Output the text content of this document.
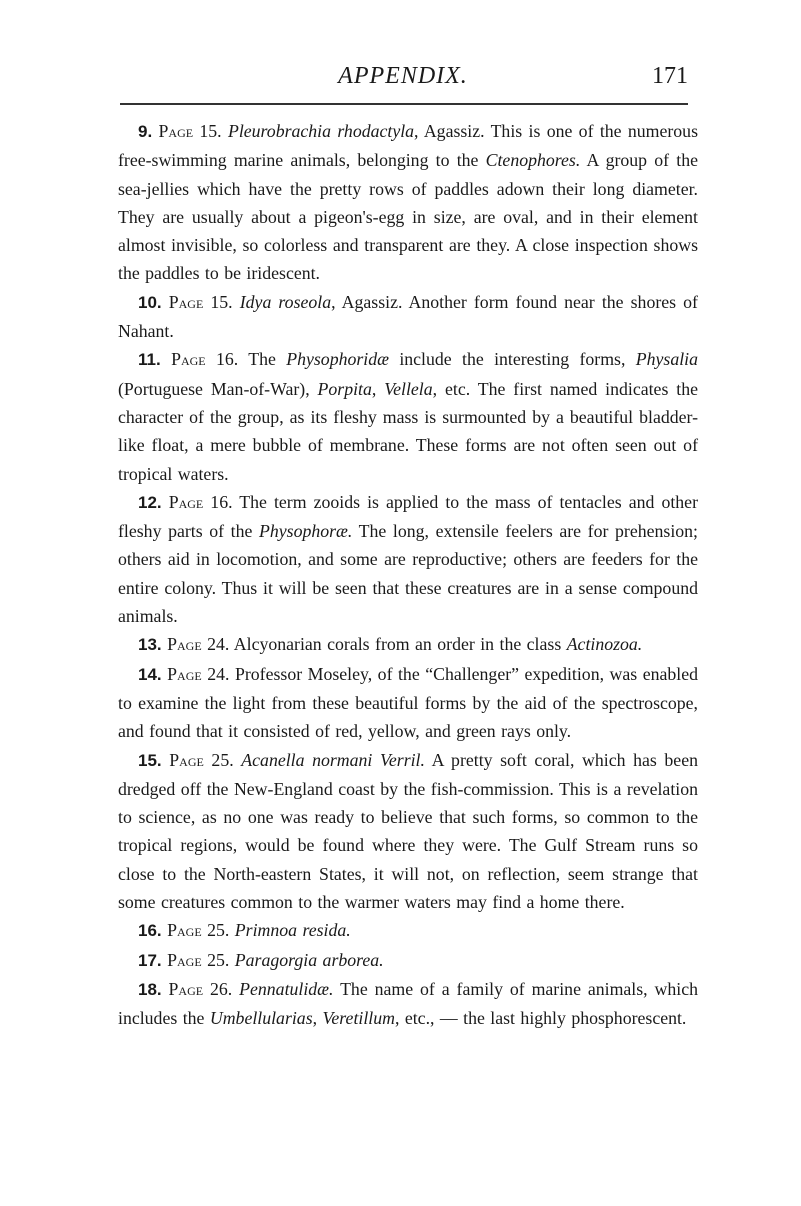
APPENDIX.	171

9. Page 15. Pleurobrachia rhodactyla, Agassiz. This is one of the numerous free-swimming marine animals, belonging to the Ctenophores. A group of the sea-jellies which have the pretty rows of paddles adown their long diameter. They are usually about a pigeon's-egg in size, are oval, and in their element almost invisible, so colorless and transparent are they. A close inspection shows the paddles to be iridescent.

10. Page 15. Idya roseola, Agassiz. Another form found near the shores of Nahant.

11. Page 16. The Physophoridæ include the interesting forms, Physalia (Portuguese Man-of-War), Porpita, Vellela, etc. The first named indicates the character of the group, as its fleshy mass is surmounted by a beautiful bladder-like float, a mere bubble of membrane. These forms are not often seen out of tropical waters.

12. Page 16. The term zooids is applied to the mass of tentacles and other fleshy parts of the Physophoræ. The long, extensile feelers are for prehension; others aid in locomotion, and some are reproductive; others are feeders for the entire colony. Thus it will be seen that these creatures are in a sense compound animals.

13. Page 24. Alcyonarian corals from an order in the class Actinozoa.

14. Page 24. Professor Moseley, of the “Challenger” expedition, was enabled to examine the light from these beautiful forms by the aid of the spectroscope, and found that it consisted of red, yellow, and green rays only.

15. Page 25. Acanella normani Verril. A pretty soft coral, which has been dredged off the New-England coast by the fish-commission. This is a revelation to science, as no one was ready to believe that such forms, so common to the tropical regions, would be found where they were. The Gulf Stream runs so close to the North-eastern States, it will not, on reflection, seem strange that some creatures common to the warmer waters may find a home there.

16. Page 25. Primnoa resida.

17. Page 25. Paragorgia arborea.

18. Page 26. Pennatulidæ. The name of a family of marine animals, which includes the Umbellularias, Veretillum, etc., — the last highly phosphorescent.
